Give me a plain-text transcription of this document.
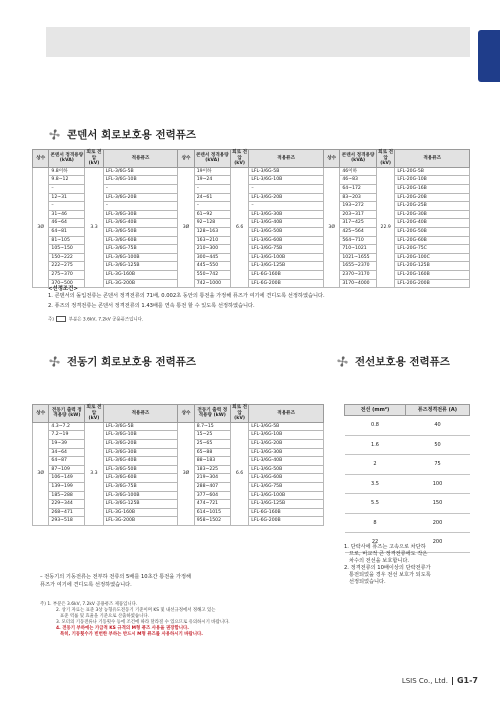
콘덴서 회로보호용 전력퓨즈
상수	콘덴서 정격용량 (kVA)	회로 전압 (kV)	적용퓨즈	상수	콘덴서 정격용량 (kVA)	회로 전압 (kV)	적용퓨즈	상수	콘덴서 정격용량 (kVA)	회로 전압 (kV)	적용퓨즈
3Ø	9.8이하	3.3	LFL-3/6G-5B	3Ø	19이하	6.6	LFL-3/6G-5B	3Ø	46이하	22.9	LFL-20G-5B
	9.8~12		LFL-3/6G-10B		19~24		LFL-3/6G-10B		46~83		LFL-20G-10B
	–		–		–		–		64~172		LFL-20G-16B
	12~31		LFL-3/6G-20B		24~61		LFL-3/6G-20B		83~203		LFL-20G-20B
	–		–		–		–		193~272		LFL-20G-25B
	31~46		LFL-3/6G-30B		61~92		LFL-3/6G-30B		203~317		LFL-20G-30B
	46~64		LFL-3/6G-40B		92~128		LFL-3/6G-40B		317~425		LFL-20G-40B
	64~81		LFL-3/6G-50B		128~163		LFL-3/6G-50B		425~564		LFL-20G-50B
	81~105		LFL-3/6G-60B		163~210		LFL-3/6G-60B		564~710		LFL-20G-60B
	105~150		LFL-3/6G-75B		210~300		LFL-3/6G-75B		710~1021		LFL-20G-75C
	150~222		LFL-3/6G-100B		300~445		LFL-3/6G-100B		1021~1655		LFL-20G-100C
	222~275		LFL-3/6G-125B		445~550		LFL-3/6G-125B		1655~2370		LFL-20G-125B
	275~370		LFL-3G-160B		550~742		LFL-6G-160B		2370~3170		LFL-20G-160B
	370~500		LFL-3G-200B		742~1000		LFL-6G-200B		3170~4000		LFL-20G-200B
<선정조건>
1. 콘덴서의 돌입전류는 콘덴서 정격전류의 71배, 0.002초 동안의 통전을 가정해 퓨즈가 여기에 견디도록 선정하였습니다.
2. 퓨즈의 정격전류는 콘덴서 정격전류의 1.43배를 연속 통전 할 수 있도록 선정하였습니다.
주)	부분은 3.6kV, 7.2kV 공용퓨즈입니다.
전동기 회로보호용 전력퓨즈
상수	전동기 출력 정격용량 (kW)	회로 전압 (kV)	적용퓨즈	상수	전동기 출력 정격용량 (kW)	회로 전압 (kV)	적용퓨즈
3Ø	4.3~7.2	3.3	LFL-3/6G-5B	3Ø	8.7~15	6.6	LFL-3/6G-5B
	7.2~19		LFL-3/6G-10B		15~25		LFL-3/6G-10B
	19~39		LFL-3/6G-20B		25~65		LFL-3/6G-20B
	34~64		LFL-3/6G-30B		65~88		LFL-3/6G-30B
	64~87		LFL-3/6G-40B		88~183		LFL-3/6G-40B
	87~109		LFL-3/6G-50B		183~225		LFL-3/6G-50B
	106~149		LFL-3/6G-60B		219~304		LFL-3/6G-60B
	139~199		LFL-3/6G-75B		288~407		LFL-3/6G-75B
	185~288		LFL-3/6G-100B		377~604		LFL-3/6G-100B
	229~344		LFL-3/6G-125B		474~721		LFL-3/6G-125B
	268~471		LFL-3G-160B		614~1015		LFL-6G-160B
	293~518		LFL-3G-200B		958~1502		LFL-6G-200B
– 전동기의 기동전류는 전부하 전류의 5배를 10초간 통전을 가정해
퓨즈가 여기에 견디도록 선정하였습니다.
주) 1. 부분은 3.6kV, 7.2kV 공용퓨즈 제품입니다.
2. 상기 자료는 표준 3상 농형유도전동기 기준이며 KS 및 내선규정에서 정해고 있는
표준 역률 및 효율을 기준으로 산출하였습니다.
3. 모터의 기동전류나 기동횟수 등에 조건에 따라 달라질 수 있으므로 유의하시기 바랍니다.
4. 전동기 부하에는 가급적 KS 규격의 M형 퓨즈 사용을 권장합니다.
특히, 기동횟수가 빈번한 부하는 반드시 M형 퓨즈를 사용하시기 바랍니다.
전선보호용 전력퓨즈
전선 (mm²)	퓨즈정격전류 (A)
0.8	40
1.6	50
2	75
3.5	100
5.5	150
8	200
22	200
1. 단락사에 퓨즈는 고속으로 차단하
므로, 비교적 큰 정격전류에도 작은
차수의 전선을 보호합니다.
2. 정격전류의 10배이상의 단락전류가
통전되었을 경우 전선 보호가 되도록
선정되었습니다.
LSIS Co., Ltd. G1-7
